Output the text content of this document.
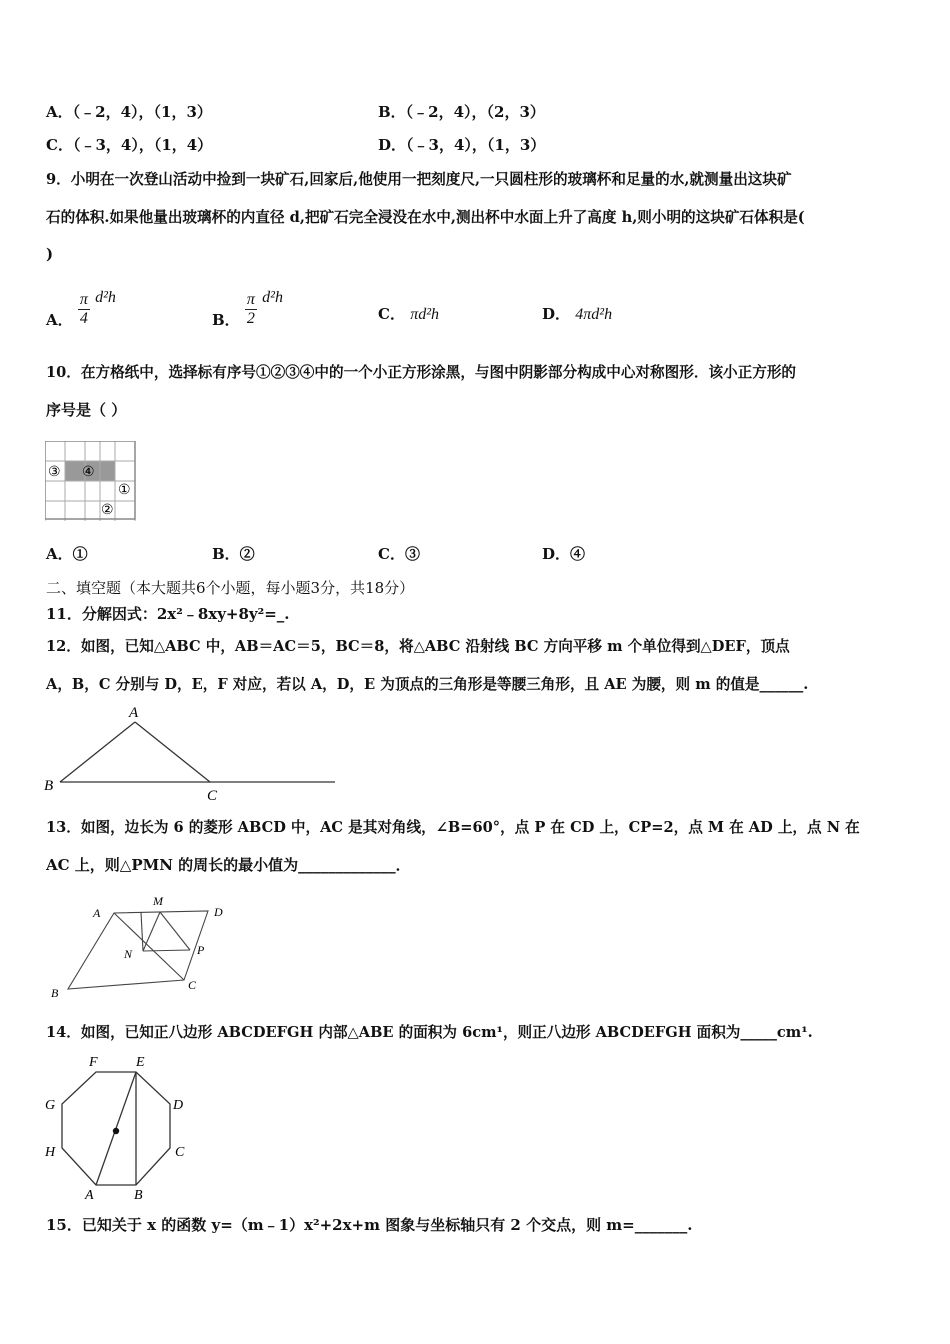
A．（﹣2，4），（1，3）	B．（﹣2，4），（2，3）
C．（﹣3，4），（1，4）	D．（﹣3，4），（1，3）
9．小明在一次登山活动中捡到一块矿石,回家后,他使用一把刻度尺,一只圆柱形的玻璃杯和足量的水,就测量出这块矿
石的体积.如果他量出玻璃杯的内直径 d,把矿石完全浸没在水中,测出杯中水面上升了高度 h,则小明的这块矿石体积是(
)
A． $\frac{\pi}{4} d^2h$
B． $\frac{\pi}{2} d^2h$
C． πd²h	D． 4πd²h
10．在方格纸中，选择标有序号①②③④中的一个小正方形涂黑，与图中阴影部分构成中心对称图形．该小正方形的
序号是（ ）
③ ④
①
②
A．①	B．②	C．③	D．④
二、填空题（本大题共6个小题，每小题3分，共18分）
11．分解因式：2x²﹣8xy+8y²=_.
12．如图，已知△ABC 中，AB＝AC＝5，BC＝8，将△ABC 沿射线 BC 方向平移 m 个单位得到△DEF，顶点
A，B，C 分别与 D，E，F 对应，若以 A，D，E 为顶点的三角形是等腰三角形，且 AE 为腰，则 m 的值是______.
A
B
C
13．如图，边长为 6 的菱形 ABCD 中，AC 是其对角线，∠B=60°，点 P 在 CD 上，CP=2，点 M 在 AD 上，点 N 在
AC 上，则△PMN 的周长的最小值为_____________．
A
M
D
N	P
B
C
14．如图，已知正八边形 ABCDEFGH 内部△ABE 的面积为 6cm¹，则正八边形 ABCDEFGH 面积为_____cm¹.
F	E
G	D
H	C
A	B
15．已知关于 x 的函数 y=（m﹣1）x²+2x+m 图象与坐标轴只有 2 个交点，则 m=_______.
